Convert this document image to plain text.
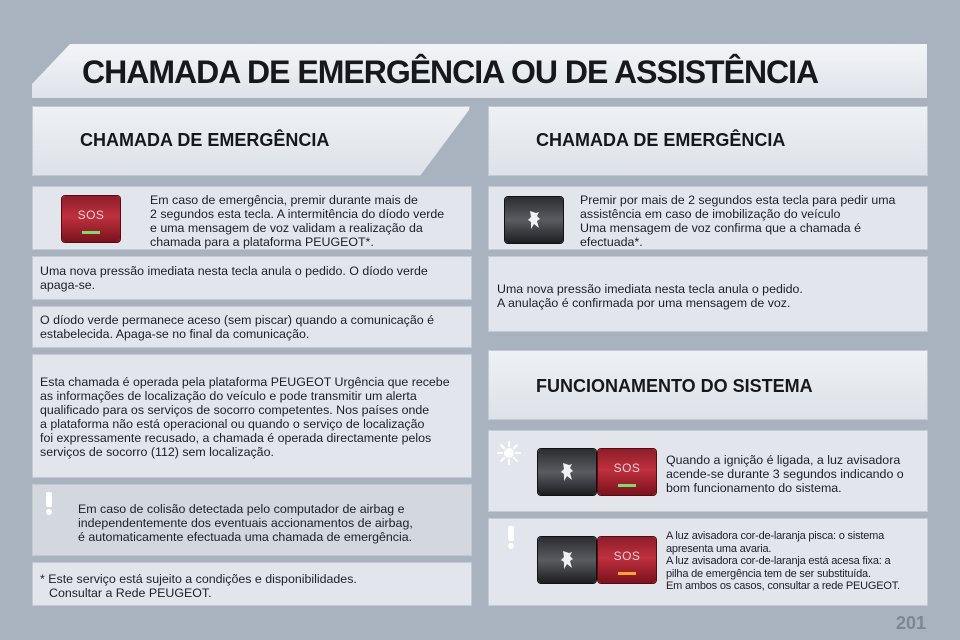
CHAMADA DE EMERGÊNCIA OU DE ASSISTÊNCIA
CHAMADA DE EMERGÊNCIA
SOS

Em caso de emergência, premir durante mais de
2 segundos esta tecla. A intermitência do díodo verde
e uma mensagem de voz validam a realização da
chamada para a plataforma PEUGEOT*.

Uma nova pressão imediata nesta tecla anula o pedido. O díodo verde
apaga-se.

O díodo verde permanece aceso (sem piscar) quando a comunicação é
estabelecida. Apaga-se no final da comunicação.

Esta chamada é operada pela plataforma PEUGEOT Urgência que recebe
as informações de localização do veículo e pode transmitir um alerta
qualificado para os serviços de socorro competentes. Nos países onde
a plataforma não está operacional ou quando o serviço de localização
foi expressamente recusado, a chamada é operada directamente pelos
serviços de socorro (112) sem localização.

Em caso de colisão detectada pelo computador de airbag e
independentemente dos eventuais accionamentos de airbag,
é automaticamente efectuada uma chamada de emergência.

* Este serviço está sujeito a condições e disponibilidades.
Consultar a Rede PEUGEOT.

CHAMADA DE EMERGÊNCIA

Premir por mais de 2 segundos esta tecla para pedir uma
assistência em caso de imobilização do veículo
Uma mensagem de voz confirma que a chamada é
efectuada*.

Uma nova pressão imediata nesta tecla anula o pedido.
A anulação é confirmada por uma mensagem de voz.

FUNCIONAMENTO DO SISTEMA
SOS

Quando a ignição é ligada, a luz avisadora
acende-se durante 3 segundos indicando o
bom funcionamento do sistema.

SOS

A luz avisadora cor-de-laranja pisca: o sistema
apresenta uma avaria.
A luz avisadora cor-de-laranja está acesa fixa: a
pilha de emergência tem de ser substituída.
Em ambos os casos, consultar a rede PEUGEOT.

201
